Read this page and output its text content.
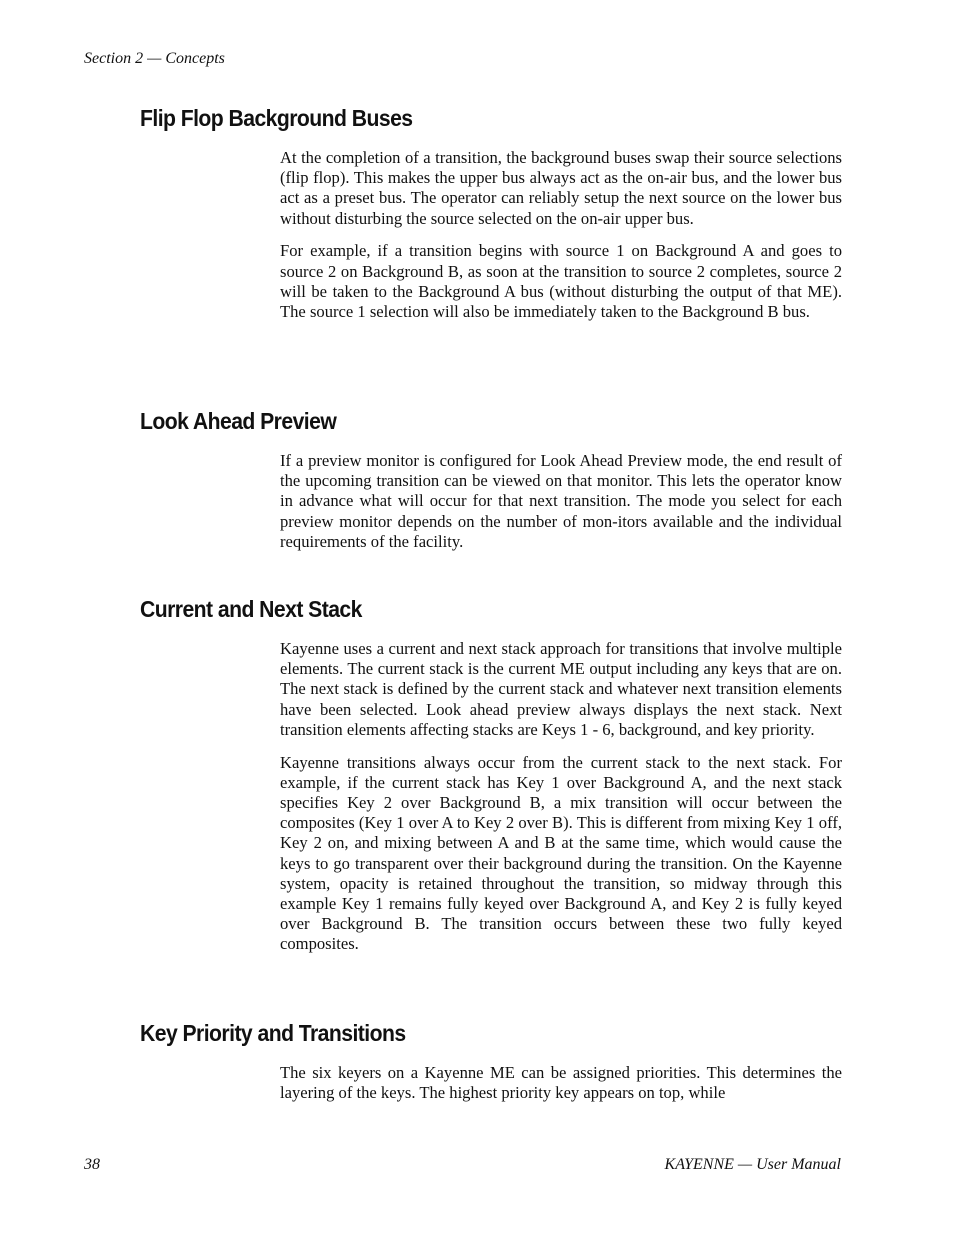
Section 2 — Concepts
Flip Flop Background Buses

At the completion of a transition, the background buses swap their source selections (flip flop). This makes the upper bus always act as the on-air bus, and the lower bus act as a preset bus. The operator can reliably setup the next source on the lower bus without disturbing the source selected on the on-air upper bus.

For example, if a transition begins with source 1 on Background A and goes to source 2 on Background B, as soon at the transition to source 2 completes, source 2 will be taken to the Background A bus (without disturbing the output of that ME). The source 1 selection will also be immediately taken to the Background B bus.

Look Ahead Preview

If a preview monitor is configured for Look Ahead Preview mode, the end result of the upcoming transition can be viewed on that monitor. This lets the operator know in advance what will occur for that next transition. The mode you select for each preview monitor depends on the number of mon-itors available and the individual requirements of the facility.

Current and Next Stack

Kayenne uses a current and next stack approach for transitions that involve multiple elements. The current stack is the current ME output including any keys that are on. The next stack is defined by the current stack and whatever next transition elements have been selected. Look ahead preview always displays the next stack. Next transition elements affecting stacks are Keys 1 - 6, background, and key priority.

Kayenne transitions always occur from the current stack to the next stack. For example, if the current stack has Key 1 over Background A, and the next stack specifies Key 2 over Background B, a mix transition will occur between the composites (Key 1 over A to Key 2 over B). This is different from mixing Key 1 off, Key 2 on, and mixing between A and B at the same time, which would cause the keys to go transparent over their background during the transition. On the Kayenne system, opacity is retained throughout the transition, so midway through this example Key 1 remains fully keyed over Background A, and Key 2 is fully keyed over Background B. The transition occurs between these two fully keyed composites.

Key Priority and Transitions

The six keyers on a Kayenne ME can be assigned priorities. This determines the layering of the keys. The highest priority key appears on top, while

38	KAYENNE — User Manual
